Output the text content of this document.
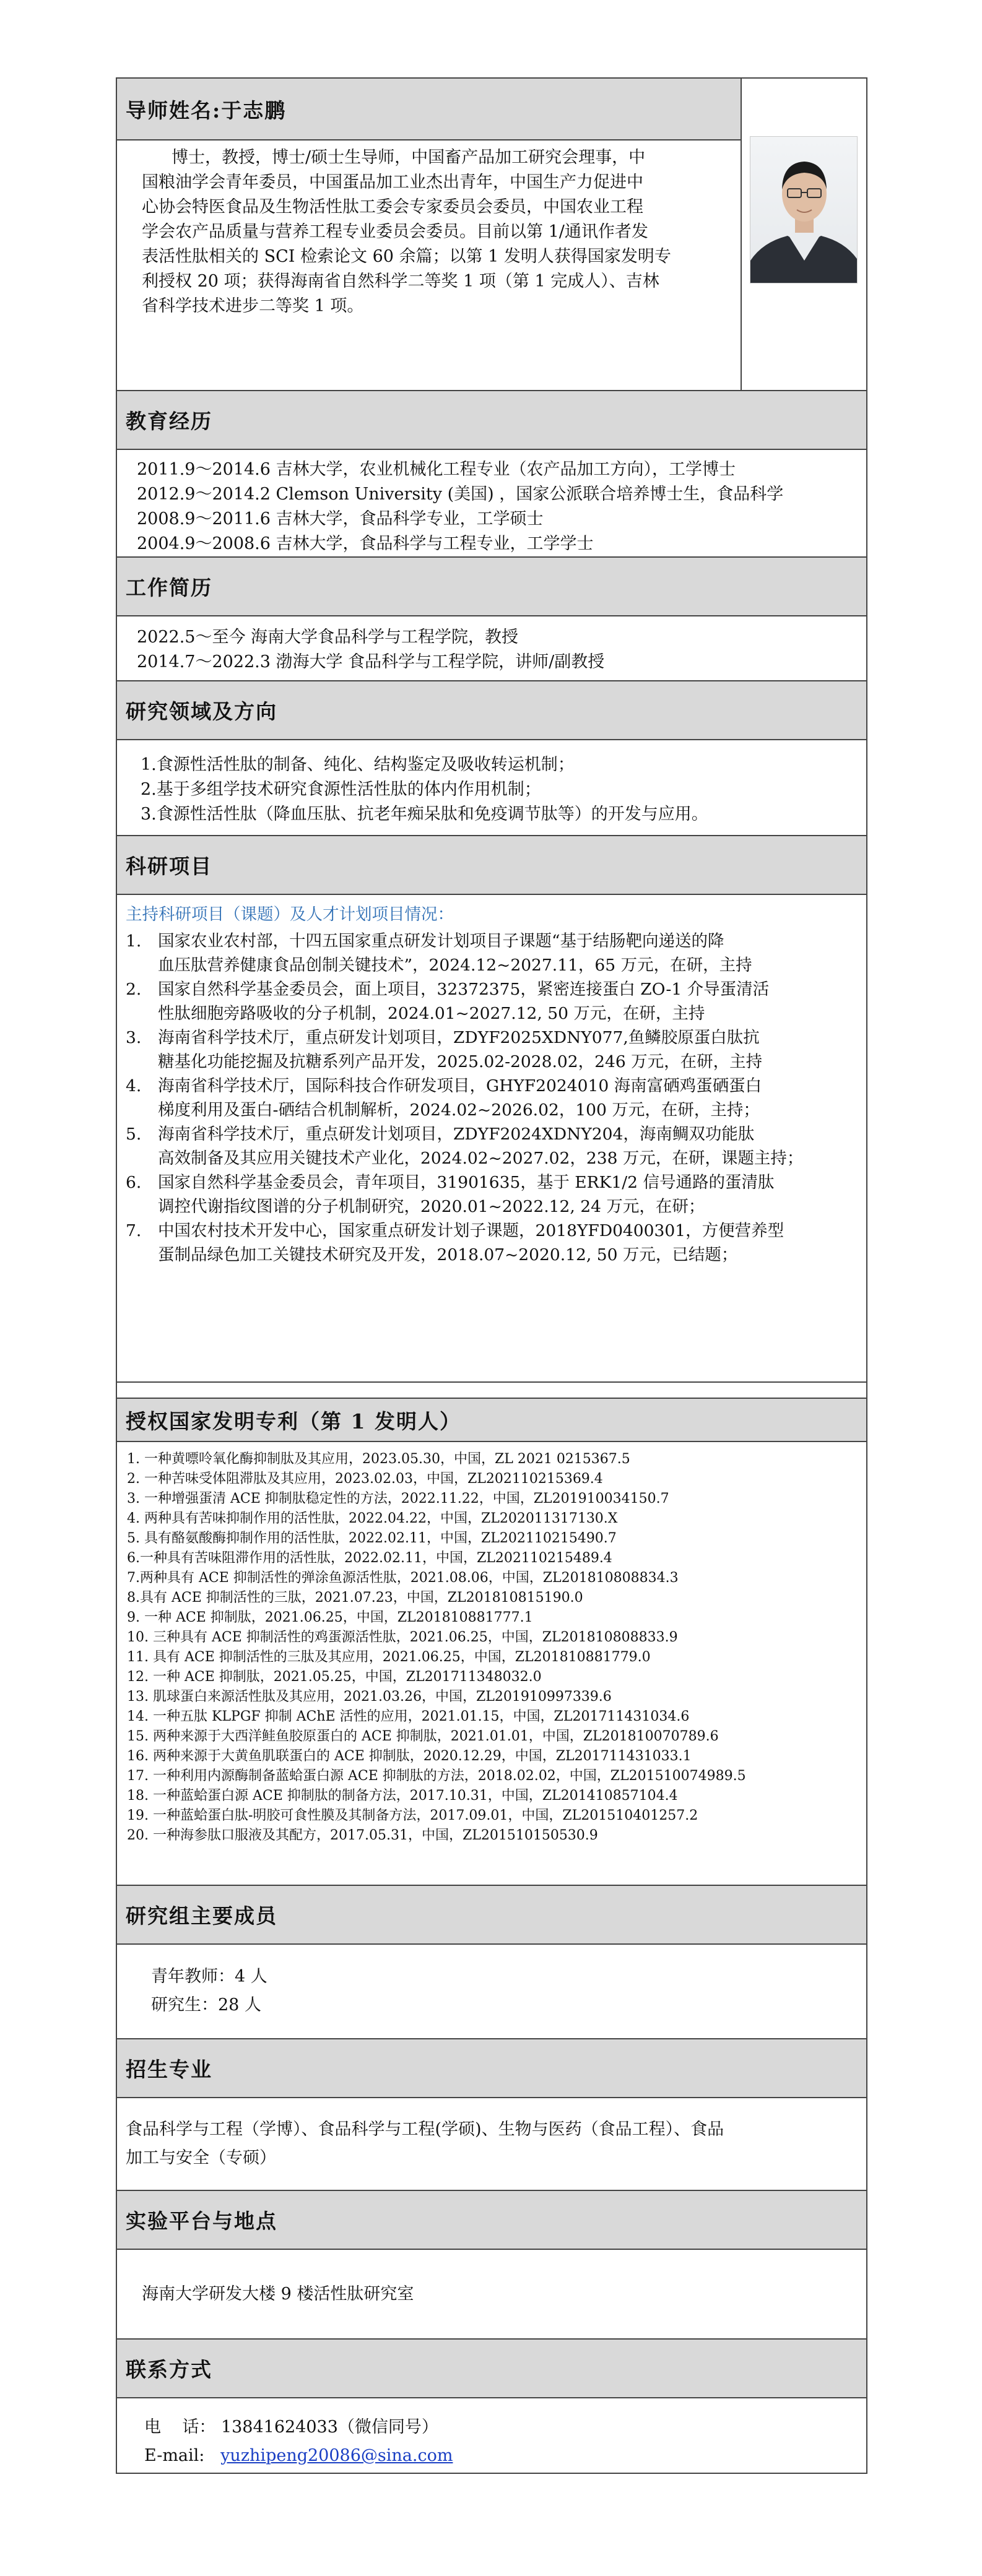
导师姓名: 于志鹏
博士，教授，博士/硕士生导师，中国畜产品加工研究会理事，中
国粮油学会青年委员，中国蛋品加工业杰出青年，中国生产力促进中
心协会特医食品及生物活性肽工委会专家委员会委员，中国农业工程
学会农产品质量与营养工程专业委员会委员。目前以第 1/通讯作者发
表活性肽相关的 SCI 检索论文 60 余篇；以第 1 发明人获得国家发明专
利授权 20 项；获得海南省自然科学二等奖 1 项（第 1 完成人）、吉林
省科学技术进步二等奖 1 项。
教育经历
2011.9～2014.6 吉林大学，农业机械化工程专业（农产品加工方向），工学博士
2012.9～2014.2 Clemson University (美国) ，国家公派联合培养博士生，食品科学
2008.9～2011.6 吉林大学，食品科学专业，工学硕士
2004.9～2008.6 吉林大学，食品科学与工程专业，工学学士
工作简历
2022.5～至今 海南大学食品科学与工程学院，教授
2014.7～2022.3 渤海大学 食品科学与工程学院，讲师/副教授
研究领域及方向
1.食源性活性肽的制备、纯化、结构鉴定及吸收转运机制；
2.基于多组学技术研究食源性活性肽的体内作用机制；
3.食源性活性肽（降血压肽、抗老年痴呆肽和免疫调节肽等）的开发与应用。
科研项目
主持科研项目（课题）及人才计划项目情况：
1.	国家农业农村部，十四五国家重点研发计划项目子课题“基于结肠靶向递送的降
血压肽营养健康食品创制关键技术”，2024.12~2027.11，65 万元，在研，主持
2.	国家自然科学基金委员会，面上项目，32372375，紧密连接蛋白 ZO-1 介导蛋清活
性肽细胞旁路吸收的分子机制，2024.01~2027.12, 50 万元，在研，主持
3.	海南省科学技术厅，重点研发计划项目，ZDYF2025XDNY077,鱼鳞胶原蛋白肽抗
糖基化功能挖掘及抗糖系列产品开发，2025.02-2028.02，246 万元，在研，主持
4.	海南省科学技术厅，国际科技合作研发项目，GHYF2024010 海南富硒鸡蛋硒蛋白
梯度利用及蛋白-硒结合机制解析，2024.02~2026.02，100 万元，在研，主持；
5.	海南省科学技术厅，重点研发计划项目，ZDYF2024XDNY204，海南鲷双功能肽
高效制备及其应用关键技术产业化，2024.02~2027.02，238 万元，在研，课题主持；
6.	国家自然科学基金委员会，青年项目，31901635，基于 ERK1/2 信号通路的蛋清肽
调控代谢指纹图谱的分子机制研究，2020.01~2022.12, 24 万元，在研；
7.	中国农村技术开发中心，国家重点研发计划子课题，2018YFD0400301，方便营养型
蛋制品绿色加工关键技术研究及开发，2018.07~2020.12, 50 万元，已结题；
授权国家发明专利（第 1 发明人）
1. 一种黄嘌呤氧化酶抑制肽及其应用，2023.05.30，中国，ZL 2021 0215367.5
2. 一种苦味受体阻滞肽及其应用，2023.02.03，中国，ZL202110215369.4
3. 一种增强蛋清 ACE 抑制肽稳定性的方法，2022.11.22，中国，ZL201910034150.7
4. 两种具有苦味抑制作用的活性肽，2022.04.22，中国，ZL202011317130.X
5. 具有酪氨酸酶抑制作用的活性肽，2022.02.11，中国，ZL202110215490.7
6.一种具有苦味阻滞作用的活性肽，2022.02.11，中国，ZL202110215489.4
7.两种具有 ACE 抑制活性的弹涂鱼源活性肽，2021.08.06，中国，ZL201810808834.3
8.具有 ACE 抑制活性的三肽，2021.07.23，中国，ZL201810815190.0
9. 一种 ACE 抑制肽，2021.06.25，中国，ZL201810881777.1
10. 三种具有 ACE 抑制活性的鸡蛋源活性肽，2021.06.25，中国，ZL201810808833.9
11. 具有 ACE 抑制活性的三肽及其应用，2021.06.25，中国，ZL201810881779.0
12. 一种 ACE 抑制肽，2021.05.25，中国，ZL201711348032.0
13. 肌球蛋白来源活性肽及其应用，2021.03.26，中国，ZL201910997339.6
14. 一种五肽 KLPGF 抑制 AChE 活性的应用，2021.01.15，中国，ZL201711431034.6
15. 两种来源于大西洋鲑鱼胶原蛋白的 ACE 抑制肽，2021.01.01，中国，ZL201810070789.6
16. 两种来源于大黄鱼肌联蛋白的 ACE 抑制肽，2020.12.29，中国，ZL201711431033.1
17. 一种利用内源酶制备蓝蛤蛋白源 ACE 抑制肽的方法，2018.02.02，中国，ZL201510074989.5
18. 一种蓝蛤蛋白源 ACE 抑制肽的制备方法，2017.10.31，中国，ZL201410857104.4
19. 一种蓝蛤蛋白肽-明胶可食性膜及其制备方法，2017.09.01，中国，ZL201510401257.2
20. 一种海参肽口服液及其配方，2017.05.31，中国，ZL201510150530.9
研究组主要成员
青年教师：4 人
研究生：28 人
招生专业
食品科学与工程（学博）、食品科学与工程(学硕)、生物与医药（食品工程）、食品
加工与安全（专硕）
实验平台与地点
海南大学研发大楼 9 楼活性肽研究室
联系方式
电    话： 13841624033（微信同号）
E-mail:   yuzhipeng20086@sina.com
